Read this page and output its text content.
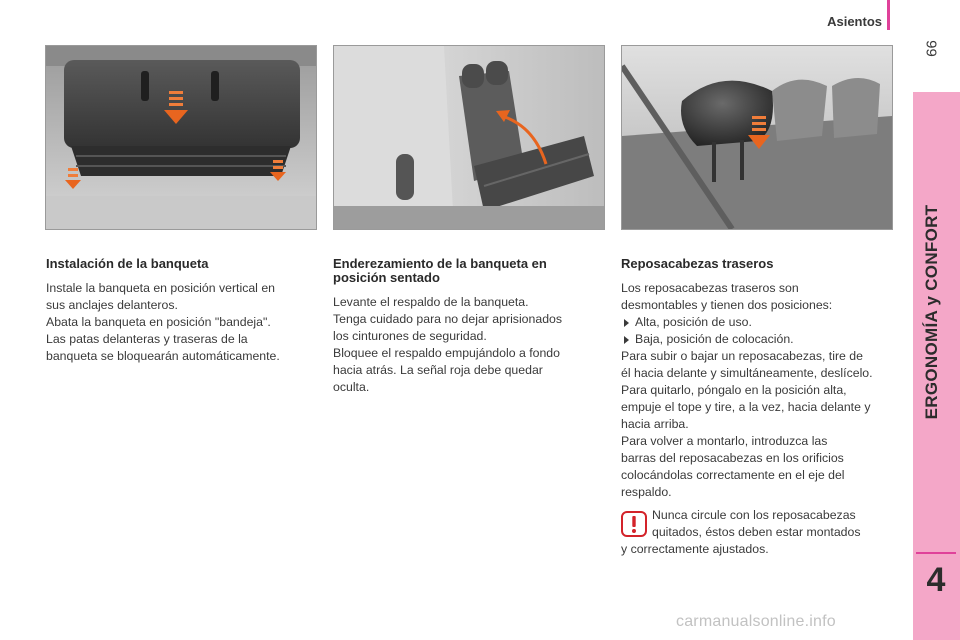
Asientos
99
ERGONOMÍA y CONFORT
4
Instalación de la banqueta

Instale la banqueta en posición vertical en

sus anclajes delanteros.

Abata la banqueta en posición "bandeja".

Las patas delanteras y traseras de la

banqueta se bloquearán automáticamente.

Enderezamiento de la banqueta en
posición sentado

Levante el respaldo de la banqueta.

Tenga cuidado para no dejar aprisionados

los cinturones de seguridad.

Bloquee el respaldo empujándolo a fondo

hacia atrás. La señal roja debe quedar

oculta.

Reposacabezas traseros

Los reposacabezas traseros son

desmontables y tienen dos posiciones:

Alta, posición de uso.

Baja, posición de colocación.

Para subir o bajar un reposacabezas, tire de

él hacia delante y simultáneamente, deslícelo.

Para quitarlo, póngalo en la posición alta,

empuje el tope y tire, a la vez, hacia delante y

hacia arriba.

Para volver a montarlo, introduzca las

barras del reposacabezas en los orificios

colocándolas correctamente en el eje del

respaldo.

Nunca circule con los reposacabezas

quitados, éstos deben estar montados

y correctamente ajustados.

carmanualsonline.info
